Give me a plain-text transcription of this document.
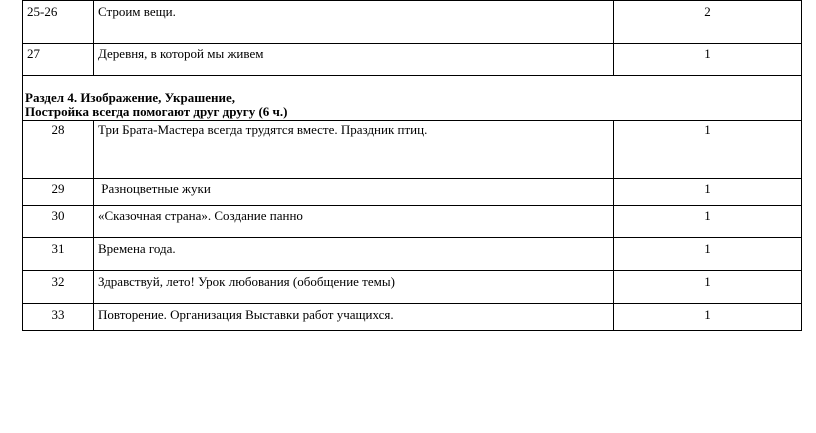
25-26	Строим вещи.	2
27	Деревня, в которой мы живем	1

Раздел 4. Изображение, Украшение,
Постройка всегда помогают друг другу (6 ч.)		

28	Три Брата-Мастера всегда трудятся вместе. Праздник птиц.	1
29	Разноцветные жуки	1
30	«Сказочная страна». Создание панно	1
31	Времена года.	1
32	Здравствуй, лето! Урок любования (обобщение темы)	1
33	Повторение. Организация Выставки работ учащихся.	1
